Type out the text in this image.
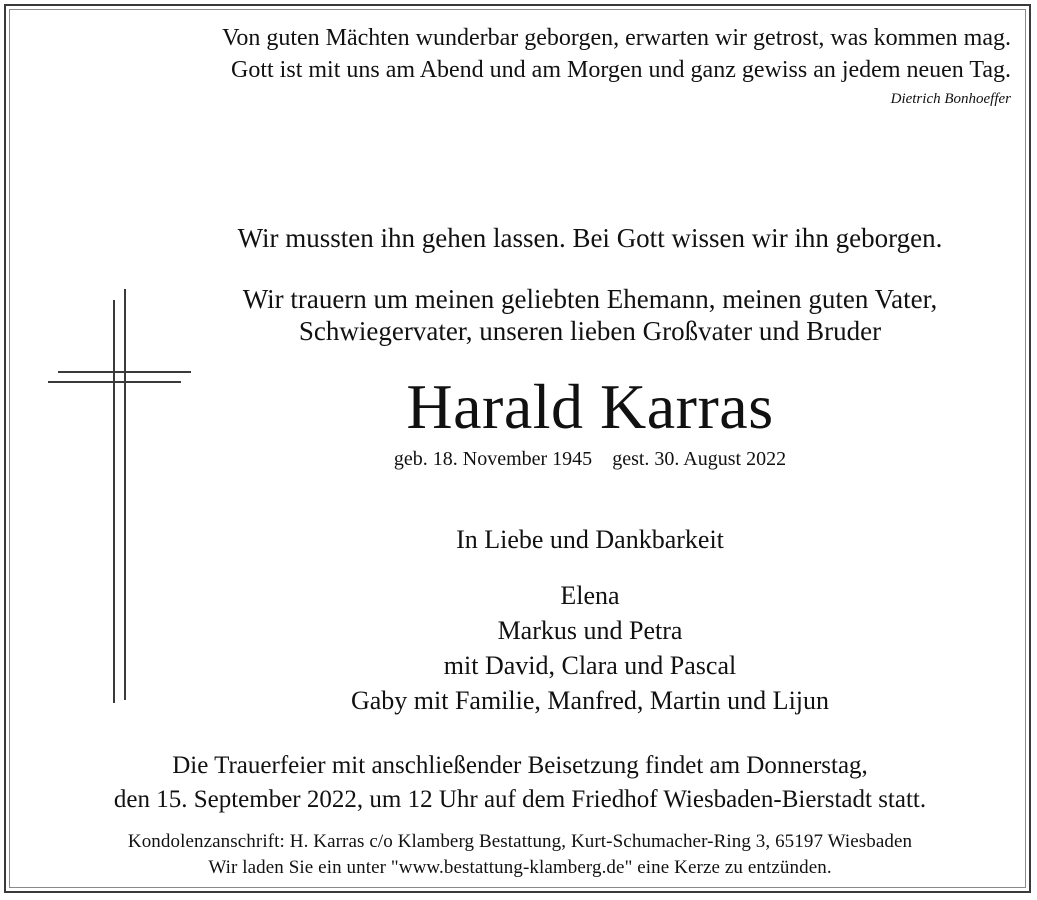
Von guten Mächten wunderbar geborgen, erwarten wir getrost, was kommen mag.
Gott ist mit uns am Abend und am Morgen und ganz gewiss an jedem neuen Tag.
Dietrich Bonhoeffer
Wir mussten ihn gehen lassen. Bei Gott wissen wir ihn geborgen.
Wir trauern um meinen geliebten Ehemann, meinen guten Vater,
Schwiegervater, unseren lieben Großvater und Bruder
Harald Karras
geb. 18. November 1945 gest. 30. August 2022
In Liebe und Dankbarkeit
Elena
Markus und Petra
mit David, Clara und Pascal
Gaby mit Familie, Manfred, Martin und Lijun
Die Trauerfeier mit anschließender Beisetzung findet am Donnerstag,
den 15. September 2022, um 12 Uhr auf dem Friedhof Wiesbaden-Bierstadt statt.
Kondolenzanschrift: H. Karras c/o Klamberg Bestattung, Kurt-Schumacher-Ring 3, 65197 Wiesbaden
Wir laden Sie ein unter "www.bestattung-klamberg.de" eine Kerze zu entzünden.
